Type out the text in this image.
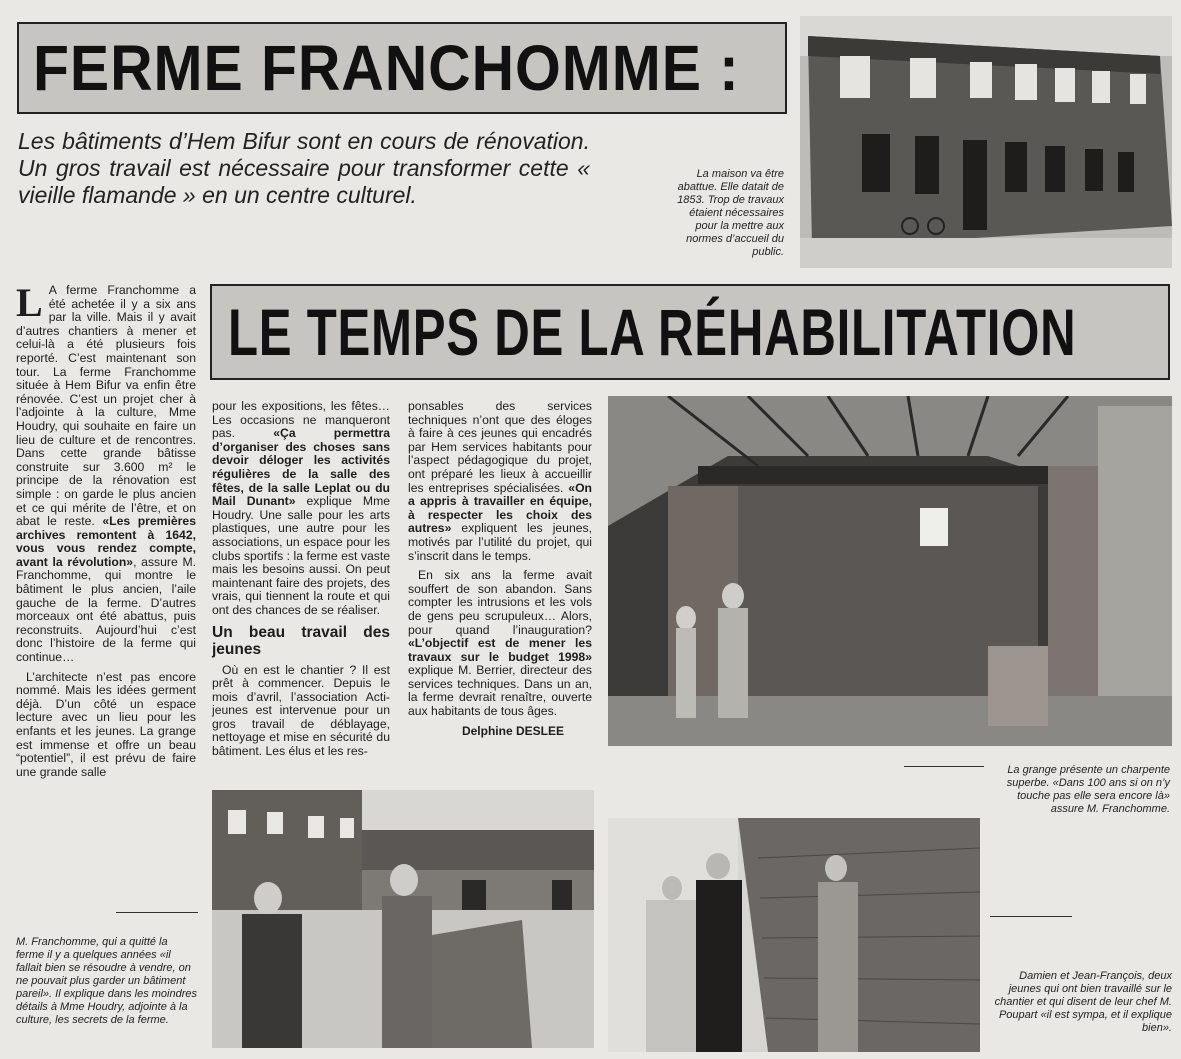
FERME FRANCHOMME :
Les bâtiments d’Hem Bifur sont en cours de rénovation. Un gros travail est nécessaire pour transformer cette « vieille flamande » en un centre culturel.
La maison va être abattue. Elle datait de 1853. Trop de travaux étaient nécessaires pour la mettre aux normes d’accueil du public.
LE TEMPS DE LA RÉHABILITATION

L A ferme Franchomme a été achetée il y a six ans par la ville. Mais il y avait d’autres chantiers à mener et celui-là a été plusieurs fois reporté. C’est maintenant son tour. La ferme Franchomme située à Hem Bifur va enfin être rénovée. C’est un projet cher à l’adjointe à la culture, Mme Houdry, qui souhaite en faire un lieu de culture et de rencontres. Dans cette grande bâtisse construite sur 3.600 m² le principe de la rénovation est simple : on garde le plus ancien et ce qui mérite de l’être, et on abat le reste. «Les premières archives remontent à 1642, vous vous rendez compte, avant la révolution», assure M. Franchomme, qui montre le bâtiment le plus ancien, l’aile gauche de la ferme. D’autres morceaux ont été abattus, puis reconstruits. Aujourd’hui c’est donc l’histoire de la ferme qui continue…

L’architecte n’est pas encore nommé. Mais les idées germent déjà. D’un côté un espace lecture avec un lieu pour les enfants et les jeunes. La grange est immense et offre un beau “potentiel”, il est prévu de faire une grande salle

pour les expositions, les fêtes… Les occasions ne manqueront pas. «Ça permettra d’organiser des choses sans devoir déloger les activités régulières de la salle des fêtes, de la salle Leplat ou du Mail Dunant» explique Mme Houdry. Une salle pour les arts plastiques, une autre pour les associations, un espace pour les clubs sportifs : la ferme est vaste mais les besoins aussi. On peut maintenant faire des projets, des vrais, qui tiennent la route et qui ont des chances de se réaliser.

Un beau travail des jeunes

Où en est le chantier ? Il est prêt à commencer. Depuis le mois d’avril, l’association Acti-jeunes est intervenue pour un gros travail de déblayage, nettoyage et mise en sécurité du bâtiment. Les élus et les res-

ponsables des services techniques n’ont que des éloges à faire à ces jeunes qui encadrés par Hem services habitants pour l’aspect pédagogique du projet, ont préparé les lieux à accueillir les entreprises spécialisées. «On a appris à travailler en équipe, à respecter les choix des autres» expliquent les jeunes, motivés par l’utilité du projet, qui s’inscrit dans le temps.

En six ans la ferme avait souffert de son abandon. Sans compter les intrusions et les vols de gens peu scrupuleux… Alors, pour quand l’inauguration? «L’objectif est de mener les travaux sur le budget 1998» explique M. Berrier, directeur des services techniques. Dans un an, la ferme devrait renaître, ouverte aux habitants de tous âges.

Delphine DESLEE
La grange présente un charpente superbe. «Dans 100 ans si on n’y touche pas elle sera encore là» assure M. Franchomme.
M. Franchomme, qui a quitté la ferme il y a quelques années «il fallait bien se résoudre à vendre, on ne pouvait plus garder un bâtiment pareil». Il explique dans les moindres détails à Mme Houdry, adjointe à la culture, les secrets de la ferme.
Damien et Jean-François, deux jeunes qui ont bien travaillé sur le chantier et qui disent de leur chef M. Poupart «il est sympa, et il explique bien».
